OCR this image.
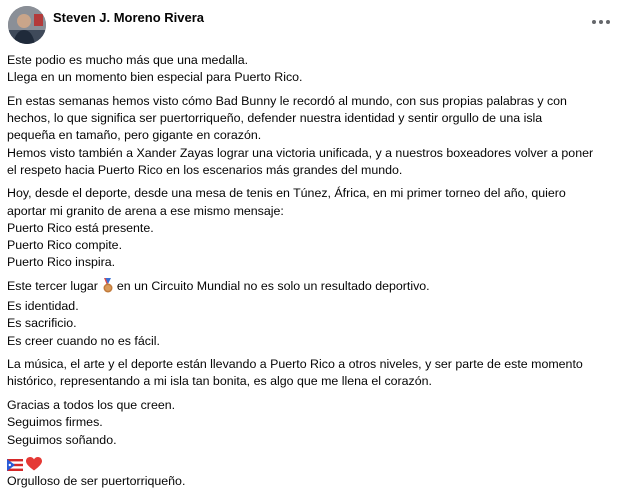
Steven J. Moreno Rivera

Este podio es mucho más que una medalla.
Llega en un momento bien especial para Puerto Rico.

En estas semanas hemos visto cómo Bad Bunny le recordó al mundo, con sus propias palabras y con
hechos, lo que significa ser puertorriqueño, defender nuestra identidad y sentir orgullo de una isla
pequeña en tamaño, pero gigante en corazón.
Hemos visto también a Xander Zayas lograr una victoria unificada, y a nuestros boxeadores volver a poner
el respeto hacia Puerto Rico en los escenarios más grandes del mundo.

Hoy, desde el deporte, desde una mesa de tenis en Túnez, África, en mi primer torneo del año, quiero
aportar mi granito de arena a ese mismo mensaje:
Puerto Rico está presente.
Puerto Rico compite.
Puerto Rico inspira.

Este tercer lugar en un Circuito Mundial no es solo un resultado deportivo.
Es identidad.
Es sacrificio.
Es creer cuando no es fácil.

La música, el arte y el deporte están llevando a Puerto Rico a otros niveles, y ser parte de este momento
histórico, representando a mi isla tan bonita, es algo que me llena el corazón.

Gracias a todos los que creen.
Seguimos firmes.
Seguimos soñando.

Orgulloso de ser puertorriqueño.
